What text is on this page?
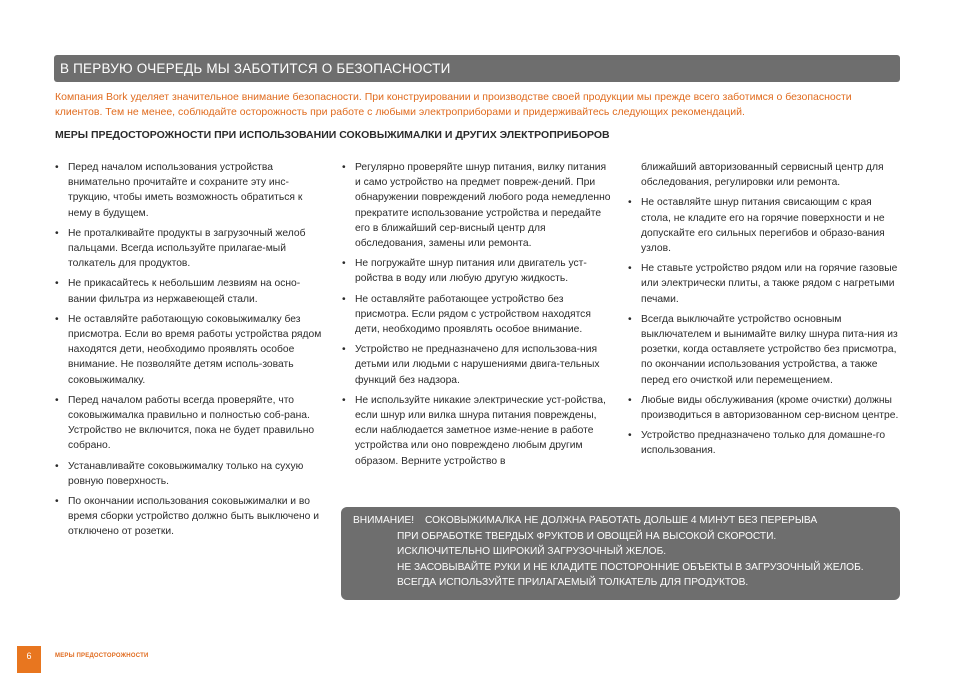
В ПЕРВУЮ ОЧЕРЕДЬ МЫ ЗАБОТИТСЯ О БЕЗОПАСНОСТИ

Компания Bork уделяет значительное внимание безопасности. При конструировании и производстве своей продукции мы прежде всего заботимся о безопасности клиентов. Тем не менее, соблюдайте осторожность при работе с любыми электроприборами и придерживайтесь следующих рекомендаций.

МЕРЫ ПРЕДОСТОРОЖНОСТИ ПРИ ИСПОЛЬЗОВАНИИ СОКОВЫЖИМАЛКИ И ДРУГИХ ЭЛЕКТРОПРИБОРОВ

• Перед началом использования устройства внимательно прочитайте и сохраните эту инс-трукцию, чтобы иметь возможность обратиться к нему в будущем.
• Не проталкивайте продукты в загрузочный желоб пальцами. Всегда используйте прилагае-мый толкатель для продуктов.
• Не прикасайтесь к небольшим лезвиям на осно-вании фильтра из нержавеющей стали.
• Не оставляйте работающую соковыжималку без присмотра. Если во время работы устройства рядом находятся дети, необходимо проявлять особое внимание. Не позволяйте детям исполь-зовать соковыжималку.
• Перед началом работы всегда проверяйте, что соковыжималка правильно и полностью соб-рана. Устройство не включится, пока не будет правильно собрано.
• Устанавливайте соковыжималку только на сухую ровную поверхность.
• По окончании использования соковыжималки и во время сборки устройство должно быть выключено и отключено от розетки.
• Регулярно проверяйте шнур питания, вилку питания и само устройство на предмет повреж-дений. При обнаружении повреждений любого рода немедленно прекратите использование устройства и передайте его в ближайший сер-висный центр для обследования, замены или ремонта.
• Не погружайте шнур питания или двигатель уст-ройства в воду или любую другую жидкость.
• Не оставляйте работающее устройство без присмотра. Если рядом с устройством находятся дети, необходимо проявлять особое внимание.
• Устройство не предназначено для использова-ния детьми или людьми с нарушениями двига-тельных функций без надзора.
• Не используйте никакие электрические уст-ройства, если шнур или вилка шнура питания повреждены, если наблюдается заметное изме-нение в работе устройства или оно повреждено любым другим образом. Верните устройство в
ближайший авторизованный сервисный центр для обследования, регулировки или ремонта.
• Не оставляйте шнур питания свисающим с края стола, не кладите его на горячие поверхности и не допускайте его сильных перегибов и образо-вания узлов.
• Не ставьте устройство рядом или на горячие газовые или электрически плиты, а также рядом с нагретыми печами.
• Всегда выключайте устройство основным выключателем и вынимайте вилку шнура пита-ния из розетки, когда оставляете устройство без присмотра, по окончании использования устройства, а также перед его очисткой или перемещением.
• Любые виды обслуживания (кроме очистки) должны производиться в авторизованном сер-висном центре.
• Устройство предназначено только для домашне-го использования.
ВНИМАНИЕ!	СОКОВЫЖИМАЛКА НЕ ДОЛЖНА РАБОТАТЬ ДОЛЬШЕ 4 МИНУТ БЕЗ ПЕРЕРЫВА
ПРИ ОБРАБОТКЕ ТВЕРДЫХ ФРУКТОВ И ОВОЩЕЙ НА ВЫСОКОЙ СКОРОСТИ.
ИСКЛЮЧИТЕЛЬНО ШИРОКИЙ ЗАГРУЗОЧНЫЙ ЖЕЛОБ.
НЕ ЗАСОВЫВАЙТЕ РУКИ И НЕ КЛАДИТЕ ПОСТОРОННИЕ ОБЪЕКТЫ В ЗАГРУЗОЧНЫЙ ЖЕЛОБ.
ВСЕГДА ИСПОЛЬЗУЙТЕ ПРИЛАГАЕМЫЙ ТОЛКАТЕЛЬ ДЛЯ ПРОДУКТОВ.
6	МЕРЫ ПРЕДОСТОРОЖНОСТИ
